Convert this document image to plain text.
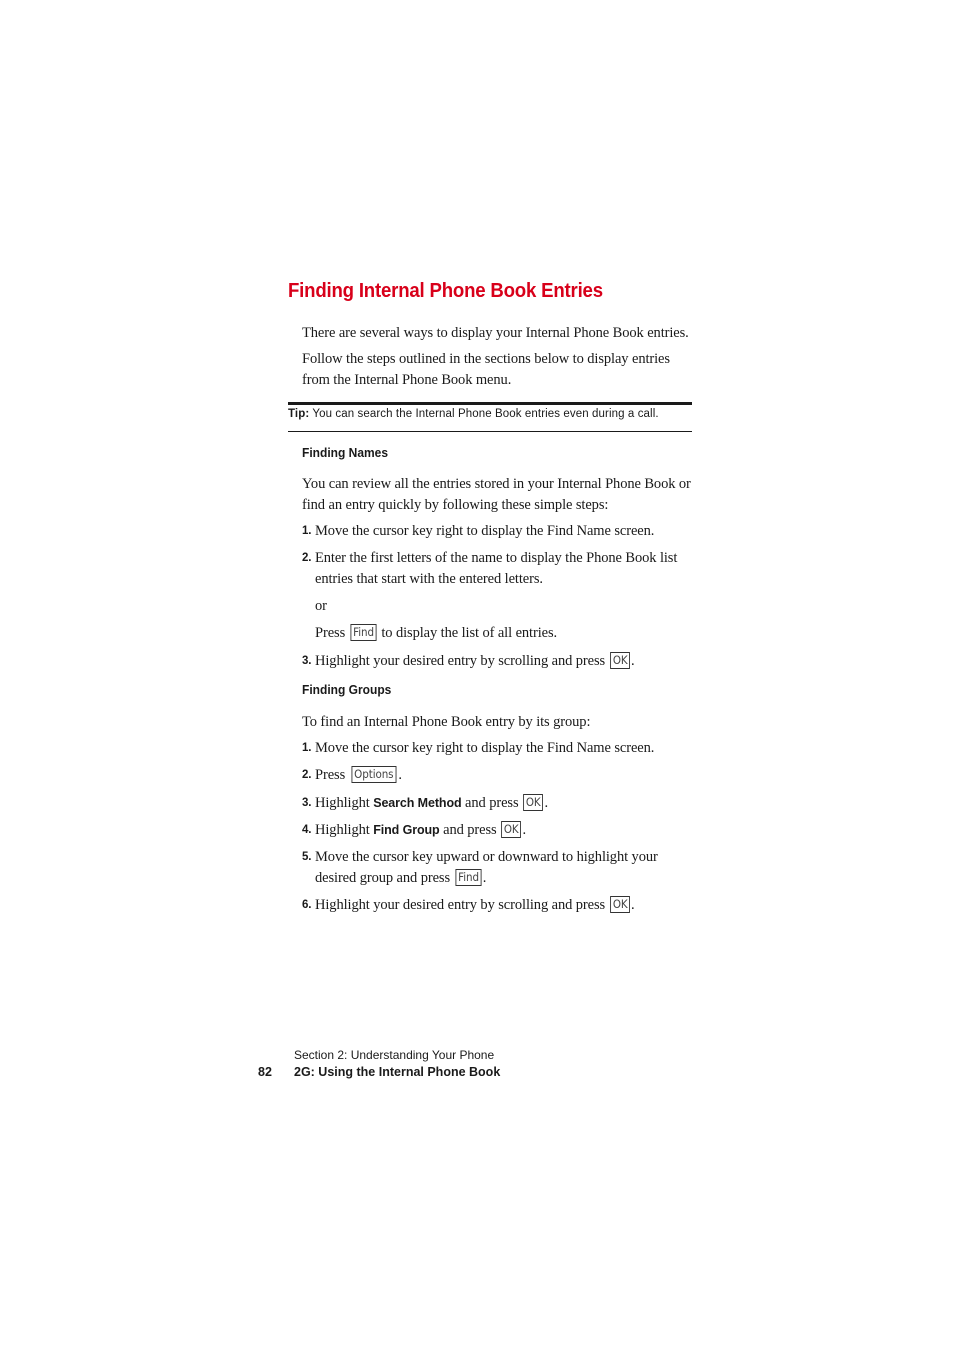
Finding Internal Phone Book Entries
There are several ways to display your Internal Phone Book entries.
Follow the steps outlined in the sections below to display entries from the Internal Phone Book menu.
Tip: You can search the Internal Phone Book entries even during a call.
Finding Names
You can review all the entries stored in your Internal Phone Book or find an entry quickly by following these simple steps:
1. Move the cursor key right to display the Find Name screen.
2. Enter the first letters of the name to display the Phone Book list entries that start with the entered letters.
or
Press Find to display the list of all entries.
3. Highlight your desired entry by scrolling and press OK .
Finding Groups
To find an Internal Phone Book entry by its group:
1. Move the cursor key right to display the Find Name screen.
2. Press Options .
3. Highlight Search Method and press OK .
4. Highlight Find Group and press OK .
5. Move the cursor key upward or downward to highlight your desired group and press Find .
6. Highlight your desired entry by scrolling and press OK .
Section 2: Understanding Your Phone
82 2G: Using the Internal Phone Book
